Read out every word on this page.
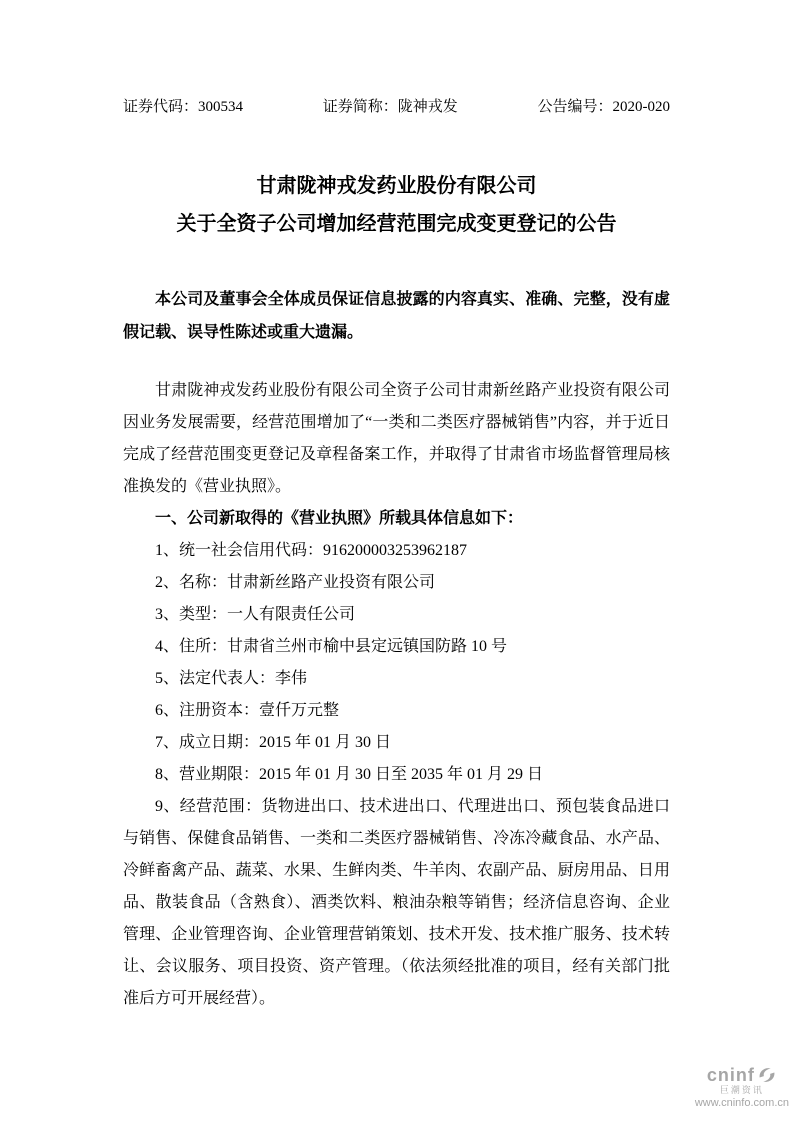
证券代码：300534	证券简称：陇神戎发	公告编号：2020-020
甘肃陇神戎发药业股份有限公司
关于全资子公司增加经营范围完成变更登记的公告

本公司及董事会全体成员保证信息披露的内容真实、准确、完整，没有虚假记载、误导性陈述或重大遗漏。

甘肃陇神戎发药业股份有限公司全资子公司甘肃新丝路产业投资有限公司因业务发展需要，经营范围增加了“一类和二类医疗器械销售”内容，并于近日完成了经营范围变更登记及章程备案工作，并取得了甘肃省市场监督管理局核准换发的《营业执照》。

一、公司新取得的《营业执照》所载具体信息如下：

1、统一社会信用代码：916200003253962187

2、名称：甘肃新丝路产业投资有限公司

3、类型：一人有限责任公司

4、住所：甘肃省兰州市榆中县定远镇国防路 10 号

5、法定代表人：李伟

6、注册资本：壹仟万元整

7、成立日期：2015 年 01 月 30 日

8、营业期限：2015 年 01 月 30 日至 2035 年 01 月 29 日

9、经营范围：货物进出口、技术进出口、代理进出口、预包装食品进口与销售、保健食品销售、一类和二类医疗器械销售、冷冻冷藏食品、水产品、冷鲜畜禽产品、蔬菜、水果、生鲜肉类、牛羊肉、农副产品、厨房用品、日用品、散装食品（含熟食）、酒类饮料、粮油杂粮等销售；经济信息咨询、企业管理、企业管理咨询、企业管理营销策划、技术开发、技术推广服务、技术转让、会议服务、项目投资、资产管理。（依法须经批准的项目，经有关部门批准后方可开展经营）。

cninf
巨潮资讯
www.cninfo.com.cn
